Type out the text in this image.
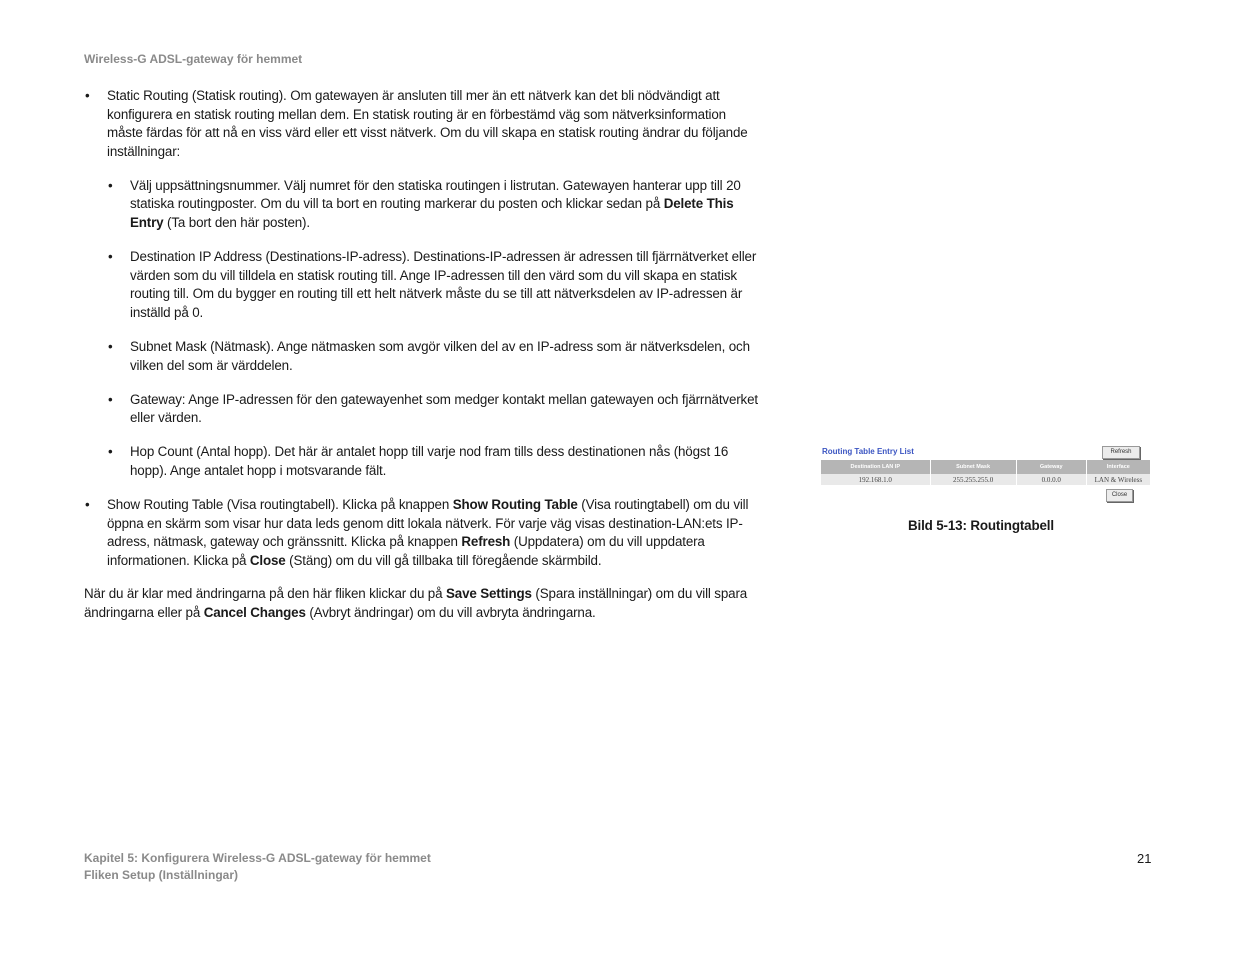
Wireless-G ADSL-gateway för hemmet
• Static Routing (Statisk routing). Om gatewayen är ansluten till mer än ett nätverk kan det bli nödvändigt att konfigurera en statisk routing mellan dem. En statisk routing är en förbestämd väg som nätverksinformation måste färdas för att nå en viss värd eller ett visst nätverk. Om du vill skapa en statisk routing ändrar du följande inställningar:
• Välj uppsättningsnummer. Välj numret för den statiska routingen i listrutan. Gatewayen hanterar upp till 20 statiska routingposter. Om du vill ta bort en routing markerar du posten och klickar sedan på Delete This Entry (Ta bort den här posten).
• Destination IP Address (Destinations-IP-adress). Destinations-IP-adressen är adressen till fjärrnätverket eller värden som du vill tilldela en statisk routing till. Ange IP-adressen till den värd som du vill skapa en statisk routing till. Om du bygger en routing till ett helt nätverk måste du se till att nätverksdelen av IP-adressen är inställd på 0.
• Subnet Mask (Nätmask). Ange nätmasken som avgör vilken del av en IP-adress som är nätverksdelen, och vilken del som är värddelen.
• Gateway: Ange IP-adressen för den gatewayenhet som medger kontakt mellan gatewayen och fjärrnätverket eller värden.
• Hop Count (Antal hopp). Det här är antalet hopp till varje nod fram tills dess destinationen nås (högst 16 hopp). Ange antalet hopp i motsvarande fält.
• Show Routing Table (Visa routingtabell). Klicka på knappen Show Routing Table (Visa routingtabell) om du vill öppna en skärm som visar hur data leds genom ditt lokala nätverk. För varje väg visas destination-LAN:ets IP-adress, nätmask, gateway och gränssnitt. Klicka på knappen Refresh (Uppdatera) om du vill uppdatera informationen. Klicka på Close (Stäng) om du vill gå tillbaka till föregående skärmbild.
När du är klar med ändringarna på den här fliken klickar du på Save Settings (Spara inställningar) om du vill spara ändringarna eller på Cancel Changes (Avbryt ändringar) om du vill avbryta ändringarna.
Routing Table Entry List	Refresh
Destination LAN IP	Subnet Mask	Gateway	Interface
192.168.1.0	255.255.255.0	0.0.0.0	LAN & Wireless
Close
Bild 5-13: Routingtabell
Kapitel 5: Konfigurera Wireless-G ADSL-gateway för hemmet
Fliken Setup (Inställningar)
21
